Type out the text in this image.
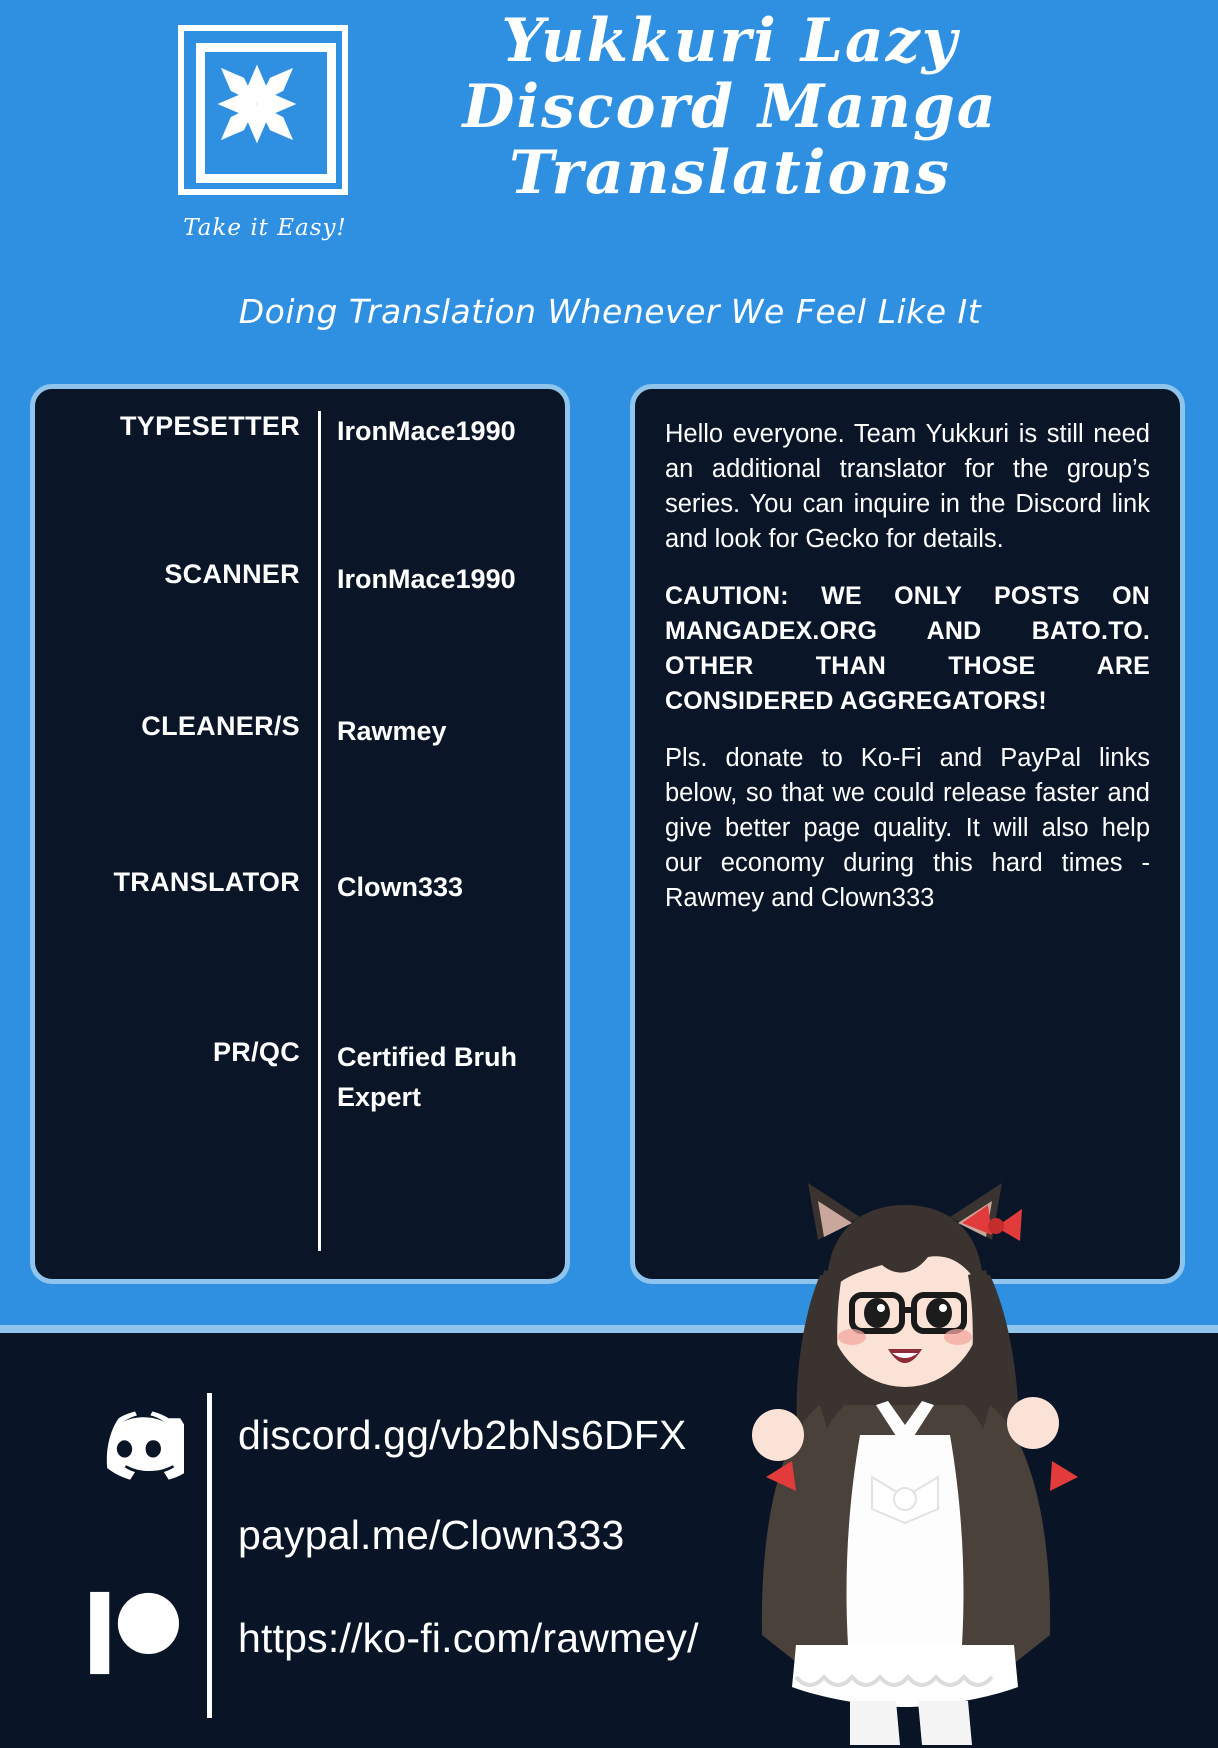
Take it Easy!
Yukkuri Lazy
Discord Manga
Translations
Doing Translation Whenever We Feel Like It
TYPESETTER IronMace1990
SCANNER IronMace1990
CLEANER/S Rawmey
TRANSLATOR Clown333
PR/QC Certified Bruh Expert

Hello everyone. Team Yukkuri is still need an additional translator for the group’s series. You can inquire in the Discord link and look for Gecko for details.

CAUTION: WE ONLY POSTS ON MANGADEX.ORG AND BATO.TO. OTHER THAN THOSE ARE CONSIDERED AGGREGATORS!

Pls. donate to Ko-Fi and PayPal links below, so that we could release faster and give better page quality. It will also help our economy during this hard times - Rawmey and Clown333

discord.gg/vb2bNs6DFX
paypal.me/Clown333
https://ko-fi.com/rawmey/
